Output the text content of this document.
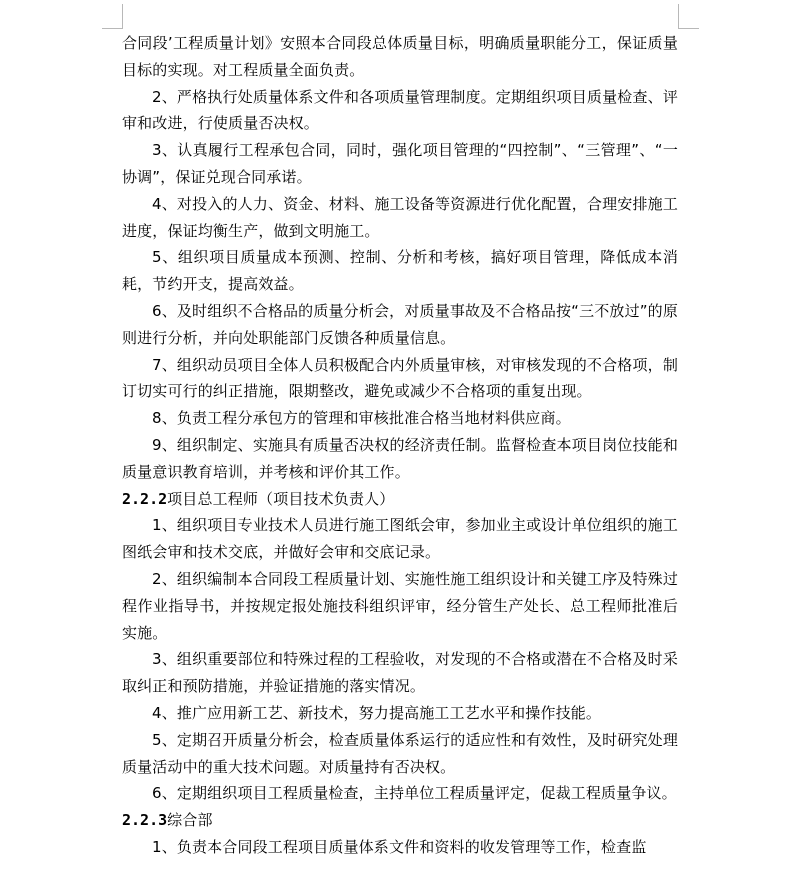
合同段’工程质量计划》安照本合同段总体质量目标，明确质量职能分工，保证质量目标的实现。对工程质量全面负责。

2、严格执行处质量体系文件和各项质量管理制度。定期组织项目质量检查、评审和改进，行使质量否决权。

3、认真履行工程承包合同，同时，强化项目管理的“四控制”、“三管理”、“一协调”，保证兑现合同承诺。

4、对投入的人力、资金、材料、施工设备等资源进行优化配置，合理安排施工进度，保证均衡生产，做到文明施工。

5、组织项目质量成本预测、控制、分析和考核，搞好项目管理，降低成本消耗，节约开支，提高效益。

6、及时组织不合格品的质量分析会，对质量事故及不合格品按“三不放过”的原则进行分析，并向处职能部门反馈各种质量信息。

7、组织动员项目全体人员积极配合内外质量审核，对审核发现的不合格项，制订切实可行的纠正措施，限期整改，避免或减少不合格项的重复出现。

8、负责工程分承包方的管理和审核批准合格当地材料供应商。

9、组织制定、实施具有质量否决权的经济责任制。监督检查本项目岗位技能和质量意识教育培训，并考核和评价其工作。

2.2.2项目总工程师（项目技术负责人）

1、组织项目专业技术人员进行施工图纸会审，参加业主或设计单位组织的施工图纸会审和技术交底，并做好会审和交底记录。

2、组织编制本合同段工程质量计划、实施性施工组织设计和关键工序及特殊过程作业指导书，并按规定报处施技科组织评审，经分管生产处长、总工程师批准后实施。

3、组织重要部位和特殊过程的工程验收，对发现的不合格或潜在不合格及时采取纠正和预防措施，并验证措施的落实情况。

4、推广应用新工艺、新技术，努力提高施工工艺水平和操作技能。

5、定期召开质量分析会，检查质量体系运行的适应性和有效性，及时研究处理质量活动中的重大技术问题。对质量持有否决权。

6、定期组织项目工程质量检查，主持单位工程质量评定，促裁工程质量争议。

2.2.3综合部

1、负责本合同段工程项目质量体系文件和资料的收发管理等工作，检查监
